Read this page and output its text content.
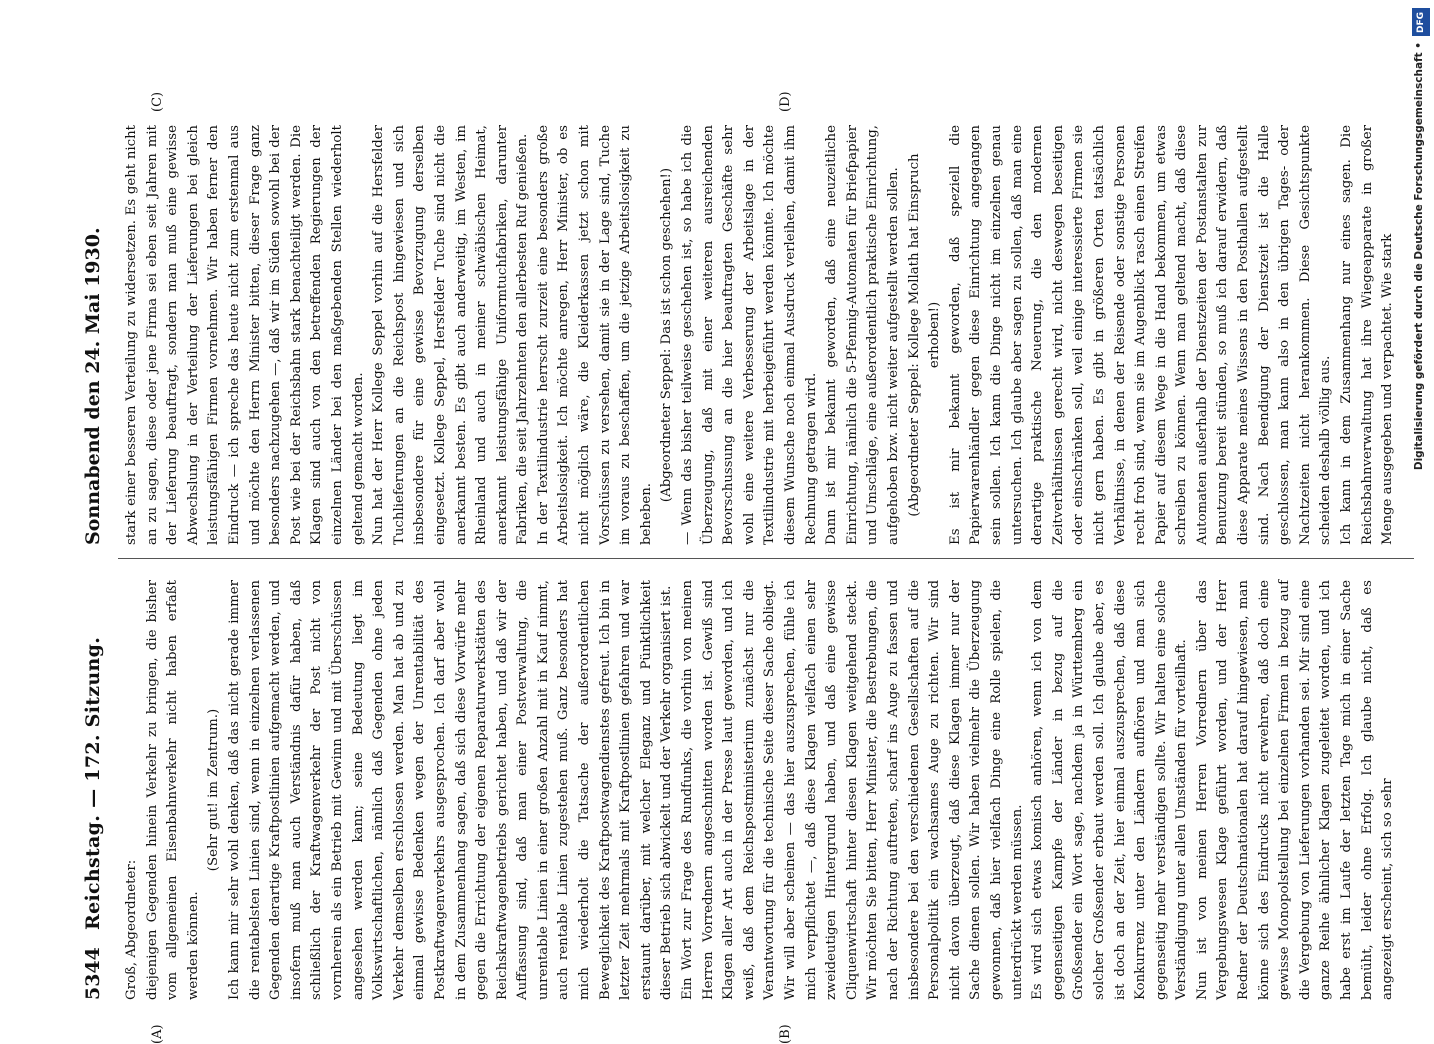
5344
Reichstag. — 172. Sitzung.
Sonnabend den 24. Mai 1930.

Groß, Abgeordneter: diejenigen Gegenden hinein Verkehr zu bringen, die bisher vom allgemeinen Eisenbahnverkehr nicht haben erfaßt werden können.

(Sehr gut! im Zentrum.) Ich kann mir sehr wohl denken, daß das nicht gerade immer die rentabelsten Linien sind, wenn in einzelnen verlassenen Gegenden derartige Kraftpostlinien aufgemacht werden, und insofern muß man auch Verständnis dafür haben, daß schließlich der Kraftwagenverkehr der Post nicht von vornherein als ein Betrieb mit Gewinn und mit Überschüssen angesehen werden kann; seine Bedeutung liegt im Volkswirtschaftlichen, nämlich daß Gegenden ohne jeden Verkehr demselben erschlossen werden. Man hat ab und zu einmal gewisse Bedenken wegen der Unrentabilität des Postkraftwagenverkehrs ausgesprochen. Ich darf aber wohl in dem Zusammenhang sagen, daß sich diese Vorwürfe mehr gegen die Errichtung der eigenen Reparaturwerkstätten des Reichskraftwagenbetriebs gerichtet haben, und daß wir der Auffassung sind, daß man einer Postverwaltung, die unrentable Linien in einer großen Anzahl mit in Kauf nimmt, auch rentable Linien zugestehen muß. Ganz besonders hat mich wiederholt die Tatsache der außerordentlichen Beweglichkeit des Kraftpostwagendienstes gefreut. Ich bin in letzter Zeit mehrmals mit Kraftpostlinien gefahren und war erstaunt darüber, mit welcher Eleganz und Pünktlichkeit dieser Betrieb sich abwickelt und der Verkehr organisiert ist. Ein Wort zur Frage des Rundfunks, die vorhin von meinen Herren Vorrednern angeschnitten worden ist. Gewiß sind Klagen aller Art auch in der Presse laut geworden, und ich weiß, daß dem Reichspostministerium zunächst nur die Verantwortung für die technische Seite dieser Sache obliegt. Wir will aber scheinen — das hier auszusprechen, fühle ich mich verpflichtet —, daß diese Klagen vielfach einen sehr zweideutigen Hintergrund haben, und daß eine gewisse Cliquenwirtschaft hinter diesen Klagen weitgehend steckt. Wir möchten Sie bitten, Herr Minister, die Bestrebungen, die nach der Richtung auftreten, scharf ins Auge zu fassen und insbesondere bei den verschiedenen Gesellschaften auf die Personalpolitik ein wachsames Auge zu richten. Wir sind nicht davon überzeugt, daß diese Klagen immer nur der Sache dienen sollen. Wir haben vielmehr die Überzeugung gewonnen, daß hier vielfach Dinge eine Rolle spielen, die unterdrückt werden müssen. Es wird sich etwas komisch anhören, wenn ich von dem gegenseitigen Kampfe der Länder in bezug auf die Großsender ein Wort sage, nachdem ja in Württemberg ein solcher Großsender erbaut werden soll. Ich glaube aber, es ist doch an der Zeit, hier einmal auszusprechen, daß diese Konkurrenz unter den Ländern aufhören und man sich gegenseitig mehr verständigen sollte. Wir halten eine solche Verständigung unter allen Umständen für vorteilhaft. Nun ist von meinen Herren Vorrednern über das Vergebungswesen Klage geführt worden, und der Herr Redner der Deutschnationalen hat darauf hingewiesen, man könne sich des Eindrucks nicht erwehren, daß doch eine gewisse Monopolstellung bei einzelnen Firmen in bezug auf die Vergebung von Lieferungen vorhanden sei. Mir sind eine ganze Reihe ähnlicher Klagen zugeleitet worden, und ich habe erst im Laufe der letzten Tage mich in einer Sache bemüht, leider ohne Erfolg. Ich glaube nicht, daß es angezeigt erscheint, sich so sehr

stark einer besseren Verteilung zu widersetzen. Es geht nicht an zu sagen, diese oder jene Firma sei eben seit Jahren mit der Lieferung beauftragt, sondern man muß eine gewisse Abwechslung in der Verteilung der Lieferungen bei gleich leistungsfähigen Firmen vornehmen. Wir haben ferner den Eindruck — ich spreche das heute nicht zum erstenmal aus und möchte den Herrn Minister bitten, dieser Frage ganz besonders nachzugehen —, daß wir im Süden sowohl bei der Post wie bei der Reichsbahn stark benachteiligt werden. Die Klagen sind auch von den betreffenden Regierungen der einzelnen Länder bei den maßgebenden Stellen wiederholt geltend gemacht worden. Nun hat der Herr Kollege Seppel vorhin auf die Hersfelder Tuchlieferungen an die Reichspost hingewiesen und sich insbesondere für eine gewisse Bevorzugung derselben eingesetzt. Kollege Seppel, Hersfelder Tuche sind nicht die anerkannt besten. Es gibt auch anderweitig, im Westen, im Rheinland und auch in meiner schwäbischen Heimat, anerkannt leistungsfähige Uniformtuchfabriken, darunter Fabriken, die seit Jahrzehnten den allerbesten Ruf genießen. In der Textilindustrie herrscht zurzeit eine besonders große Arbeitslosigkeit. Ich möchte anregen, Herr Minister, ob es nicht möglich wäre, die Kleiderkassen jetzt schon mit Vorschüssen zu versehen, damit sie in der Lage sind, Tuche im voraus zu beschaffen, um die jetzige Arbeitslosigkeit zu beheben.

(Abgeordneter Seppel: Das ist schon geschehen!) — Wenn das bisher teilweise geschehen ist, so habe ich die Überzeugung, daß mit einer weiteren ausreichenden Bevorschussung an die hier beauftragten Geschäfte sehr wohl eine weitere Verbesserung der Arbeitslage in der Textilindustrie mit herbeigeführt werden könnte. Ich möchte diesem Wunsche noch einmal Ausdruck verleihen, damit ihm Rechnung getragen wird. Dann ist mir bekannt geworden, daß eine neuzeitliche Einrichtung, nämlich die 5-Pfennig-Automaten für Briefpapier und Umschläge, eine außerordentlich praktische Einrichtung, aufgehoben bzw. nicht weiter aufgestellt werden sollen. (Abgeordneter Seppel: Kollege Mollath hat Einspruch erhoben!) Es ist mir bekannt geworden, daß speziell die Papierwarenhändler gegen diese Einrichtung angegangen sein sollen. Ich kann die Dinge nicht im einzelnen genau untersuchen. Ich glaube aber sagen zu sollen, daß man eine derartige praktische Neuerung, die den modernen Zeitverhältnissen gerecht wird, nicht deswegen beseitigen oder einschränken soll, weil einige interessierte Firmen sie nicht gern haben. Es gibt in größeren Orten tatsächlich Verhältnisse, in denen der Reisende oder sonstige Personen recht froh sind, wenn sie im Augenblick rasch einen Streifen Papier auf diesem Wege in die Hand bekommen, um etwas schreiben zu können. Wenn man geltend macht, daß diese Automaten außerhalb der Dienstzeiten der Postanstalten zur Benutzung bereit stünden, so muß ich darauf erwidern, daß diese Apparate meines Wissens in den Posthallen aufgestellt sind. Nach Beendigung der Dienstzeit ist die Halle geschlossen, man kann also in den übrigen Tages- oder Nachtzeiten nicht herankommen. Diese Gesichtspunkte scheiden deshalb völlig aus. Ich kann in dem Zusammenhang nur eines sagen. Die Reichsbahnverwaltung hat ihre Wiegeapparate in großer Menge ausgegeben und verpachtet. Wie stark

(A)	(B)
(C)	(D)
DFG
Digitalisierung gefördert durch die Deutsche Forschungsgemeinschaft •
